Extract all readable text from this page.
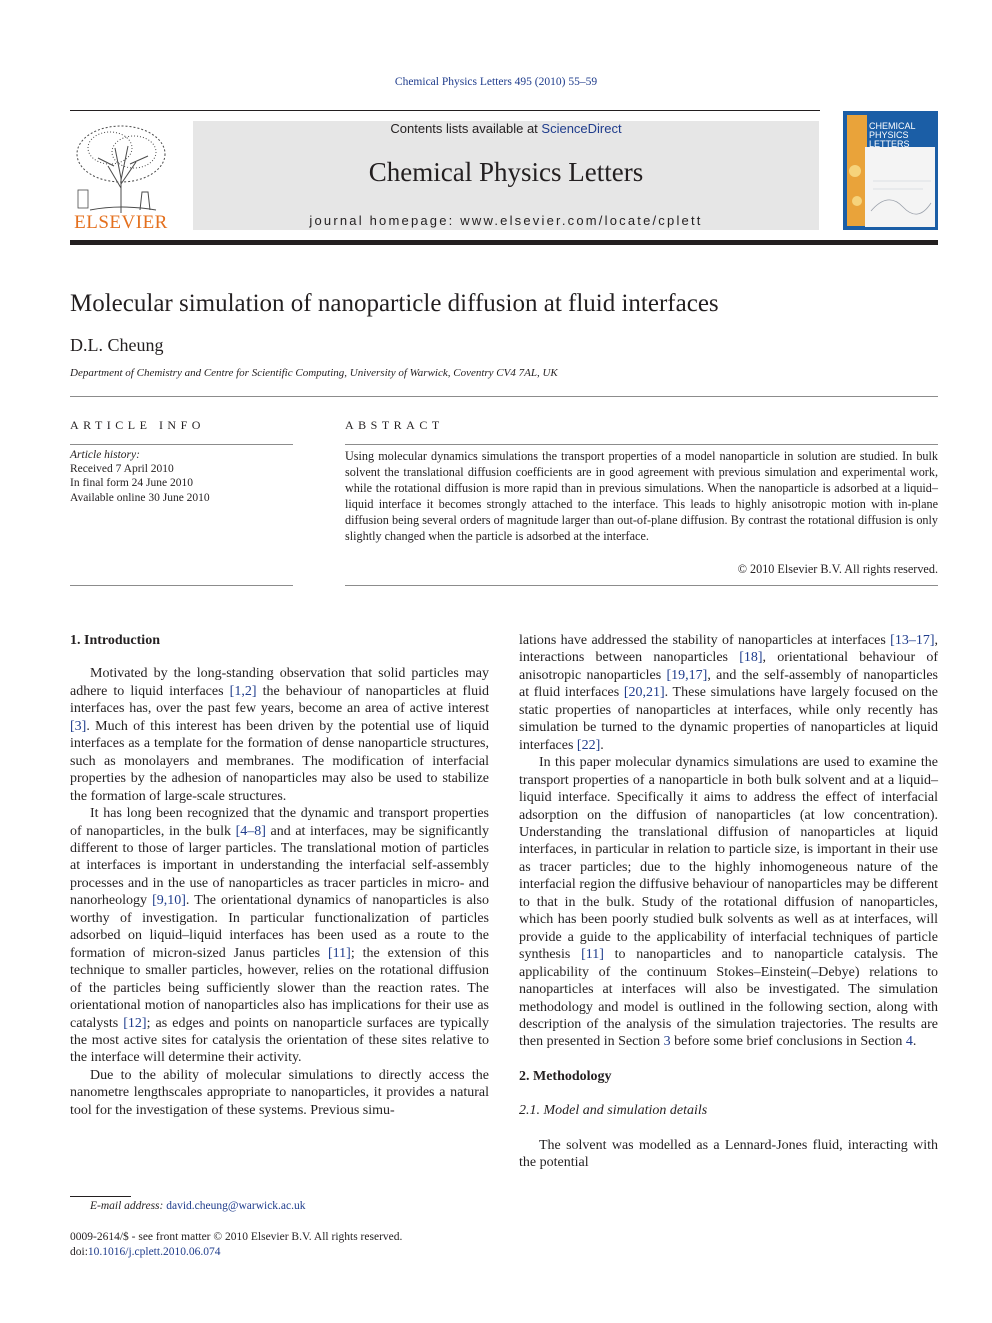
Chemical Physics Letters 495 (2010) 55–59
ELSEVIER
Contents lists available at ScienceDirect
Chemical Physics Letters
journal homepage: www.elsevier.com/locate/cplett
CHEMICAL
PHYSICS
LETTERS
Molecular simulation of nanoparticle diffusion at fluid interfaces
D.L. Cheung
Department of Chemistry and Centre for Scientific Computing, University of Warwick, Coventry CV4 7AL, UK
ARTICLE INFO
Article history:
Received 7 April 2010
In final form 24 June 2010
Available online 30 June 2010
ABSTRACT
Using molecular dynamics simulations the transport properties of a model nanoparticle in solution are studied. In bulk solvent the translational diffusion coefficients are in good agreement with previous simulation and experimental work, while the rotational diffusion is more rapid than in previous simulations. When the nanoparticle is adsorbed at a liquid–liquid interface it becomes strongly attached to the interface. This leads to highly anisotropic motion with in-plane diffusion being several orders of magnitude larger than out-of-plane diffusion. By contrast the rotational diffusion is only slightly changed when the particle is adsorbed at the interface.
© 2010 Elsevier B.V. All rights reserved.
1. Introduction

Motivated by the long-standing observation that solid particles may adhere to liquid interfaces [1,2] the behaviour of nanoparticles at fluid interfaces has, over the past few years, become an area of active interest [3]. Much of this interest has been driven by the potential use of liquid interfaces as a template for the formation of dense nanoparticle structures, such as monolayers and membranes. The modification of interfacial properties by the adhesion of nanoparticles may also be used to stabilize the formation of large-scale structures.

It has long been recognized that the dynamic and transport properties of nanoparticles, in the bulk [4–8] and at interfaces, may be significantly different to those of larger particles. The translational motion of particles at interfaces is important in understanding the interfacial self-assembly processes and in the use of nanoparticles as tracer particles in micro- and nanorheology [9,10]. The orientational dynamics of nanoparticles is also worthy of investigation. In particular functionalization of particles adsorbed on liquid–liquid interfaces has been used as a route to the formation of micron-sized Janus particles [11]; the extension of this technique to smaller particles, however, relies on the rotational diffusion of the particles being sufficiently slower than the reaction rates. The orientational motion of nanoparticles also has implications for their use as catalysts [12]; as edges and points on nanoparticle surfaces are typically the most active sites for catalysis the orientation of these sites relative to the interface will determine their activity.

Due to the ability of molecular simulations to directly access the nanometre lengthscales appropriate to nanoparticles, it provides a natural tool for the investigation of these systems. Previous simu-

lations have addressed the stability of nanoparticles at interfaces [13–17], interactions between nanoparticles [18], orientational behaviour of anisotropic nanoparticles [19,17], and the self-assembly of nanoparticles at fluid interfaces [20,21]. These simulations have largely focused on the static properties of nanoparticles at interfaces, while only recently has simulation be turned to the dynamic properties of nanoparticles at liquid interfaces [22].

In this paper molecular dynamics simulations are used to examine the transport properties of a nanoparticle in both bulk solvent and at a liquid–liquid interface. Specifically it aims to address the effect of interfacial adsorption on the diffusion of nanoparticles (at low concentration). Understanding the translational diffusion of nanoparticles at liquid interfaces, in particular in relation to particle size, is important in their use as tracer particles; due to the highly inhomogeneous nature of the interfacial region the diffusive behaviour of nanoparticles may be different to that in the bulk. Study of the rotational diffusion of nanoparticles, which has been poorly studied bulk solvents as well as at interfaces, will provide a guide to the applicability of interfacial techniques of particle synthesis [11] to nanoparticles and to nanoparticle catalysis. The applicability of the continuum Stokes–Einstein(–Debye) relations to nanoparticles at interfaces will also be investigated. The simulation methodology and model is outlined in the following section, along with description of the analysis of the simulation trajectories. The results are then presented in Section 3 before some brief conclusions in Section 4.

2. Methodology
2.1. Model and simulation details

The solvent was modelled as a Lennard-Jones fluid, interacting with the potential

E-mail address: david.cheung@warwick.ac.uk
0009-2614/$ - see front matter © 2010 Elsevier B.V. All rights reserved.
doi:10.1016/j.cplett.2010.06.074
